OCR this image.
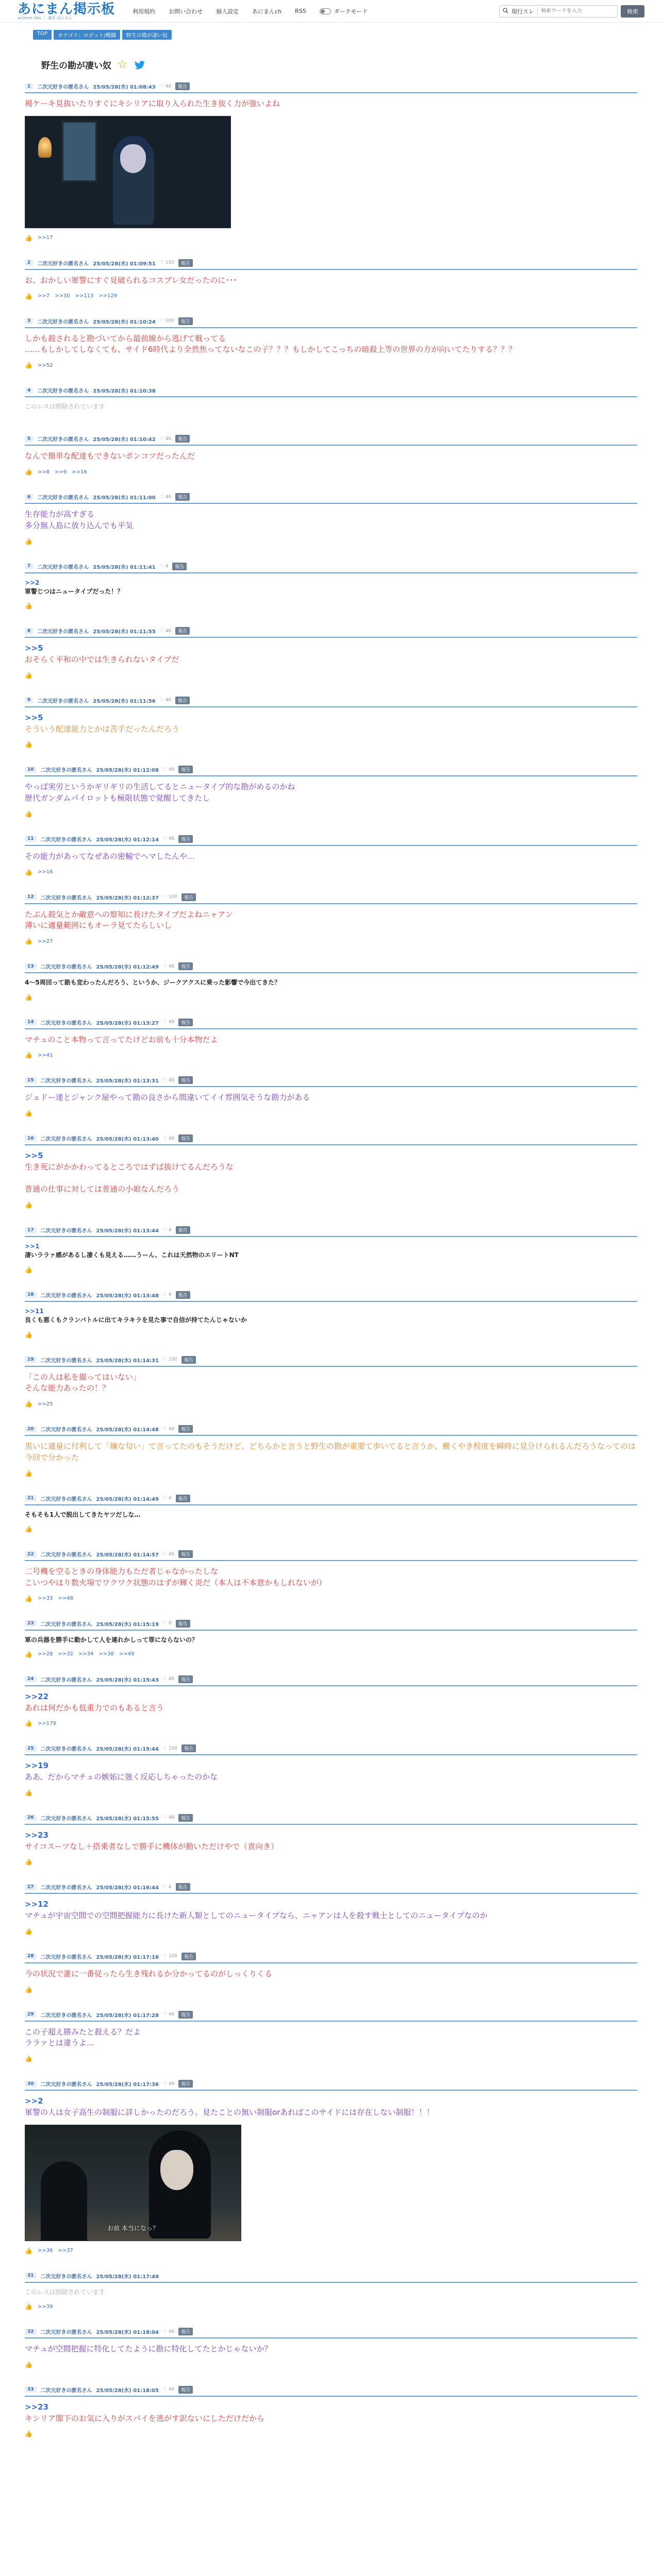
あにまん掲示板
animan bbs ｜ 運営:あにまん
利用規約 お問い合わせ 個人設定 あにまんch RSS	ダークモード	現行スレ
検索ワードを入力	検索
TOP	カテゴリ：ロボット/戦闘	野生の勘が凄い奴
野生の勘が凄い奴 ☆
1	二次元好きの匿名さん 25/05/28(水) 01:08:43 ♡ 46	報告
褐ケーキ見抜いたりすぐにキシリアに取り入られた生き抜く力が強いよね
👍 >>17
2	二次元好きの匿名さん 25/05/28(水) 01:09:51 ♡ 133	報告
お、おかしい軍警にすぐ見破られるコスプレ女だったのに･･･
👍 >>7 >>30 >>113 >>129
3	二次元好きの匿名さん 25/05/28(水) 01:10:24 ♡ 100	報告
しかも殺されると勘づいてから最前線から逃げて戦ってる
……もしかしてしなくても、サイド6時代より全然焦ってないなこの子？？？もしかしてこっちの暗殺上等の世界の方が向いてたりする？？？
👍 >>52
4	二次元好きの匿名さん 25/05/28(水) 01:10:38
このレスは削除されています
5	二次元好きの匿名さん 25/05/28(水) 01:10:42 ♡ 46	報告
なんで簡単な配達もできないポンコツだったんだ
👍 >>8 >>9 >>16
6	二次元好きの匿名さん 25/05/28(水) 01:11:00 ♡ 46	報告
生存能力が高すぎる
多分無人島に放り込んでも平気
👍
7	二次元好きの匿名さん 25/05/28(水) 01:11:41 ♡ 4	報告
>>2
軍警じつはニュータイプだった！？
👍
8	二次元好きの匿名さん 25/05/28(水) 01:11:55 ♡ 46	報告
>>5
おそらく平和の中では生きられないタイプだ
👍
9	二次元好きの匿名さん 25/05/28(水) 01:11:56 ♡ 46	報告
>>5
そういう配達能力とかは苦手だったんだろう
👍
10	二次元好きの匿名さん 25/05/28(水) 01:12:08 ♡ 46	報告
やっぱ実労というかギリギリの生活してるとニュータイプ的な勘がめるのかね
歴代ガンダムパイロットも極限状態で覚醒してきたし
👍
11	二次元好きの匿名さん 25/05/28(水) 01:12:14 ♡ 46	報告
その能力があってなぜあの密輸でヘマしたんや…
👍 >>16
12	二次元好きの匿名さん 25/05/28(水) 01:12:37 ♡ 100	報告
たぶん殺気とか敵意への察知に長けたタイプだよねニャアン
薄いに適量範囲にもオーラ見てたらしいし
👍 >>27
13	二次元好きの匿名さん 25/05/28(水) 01:12:49 ♡ 46	報告
4～5周回って勘も変わったんだろう、というか、ジークアクスに乗った影響で今出てきた？
👍
14	二次元好きの匿名さん 25/05/28(水) 01:13:27 ♡ 49	報告
マチュのこと本物って言ってたけどお前も十分本物だよ
👍 >>41
15	二次元好きの匿名さん 25/05/28(水) 01:13:31 ♡ 46	報告
ジュドー達とジャンク屋やって勘の良さから間違いてイイ雰囲気そうな勘力がある
👍
16	二次元好きの匿名さん 25/05/28(水) 01:13:40 ♡ 46	報告
>>5
生き死にがかかわってるところではずば抜けてるんだろうな

普通の仕事に対しては普通の小娘なんだろう
👍
17	二次元好きの匿名さん 25/05/28(水) 01:13:44 ♡ 4	報告
>>1
凄いララァ感があるし凄くも見える……うーん、これは天然物のエリートNT
👍
18	二次元好きの匿名さん 25/05/28(水) 01:13:48 ♡ 4	報告
>>11
良くも悪くもクランバトルに出てキラキラを見た事で自信が持てたんじゃないか
👍
19	二次元好きの匿名さん 25/05/28(水) 01:14:31 ♡ 100	報告
「この人は私を撮ってはいない」
そんな能力あったの！？
👍 >>25
20	二次元好きの匿名さん 25/05/28(水) 01:14:48 ♡ 46	報告
黒いに適量に付利して「嫌な匂い」て言ってたのもそうだけど、どちらかと言うと野生の勘が重要て歩いてると言うか、働くやき程度を瞬時に見分けられるんだろうなってのは今回で分かった
👍
21	二次元好きの匿名さん 25/05/28(水) 01:14:49 ♡ 4	報告
そもそも1人で脱出してきたヤツだしな…
👍
22	二次元好きの匿名さん 25/05/28(水) 01:14:57 ♡ 46	報告
二号機を空るときの身体能力もただ者じゃなかったしな
こいつやはり数火場でワクワク状態のはずが輝く炎だ（本人は不本意かもしれないが）
👍 >>33 >>48
23	二次元好きの匿名さん 25/05/28(水) 01:15:19 ♡ 8	報告
軍の兵器を勝手に動かして人を連れかしって罪にならないの？
👍 >>28 >>32 >>34 >>38 >>49
24	二次元好きの匿名さん 25/05/28(水) 01:15:43 ♡ 46	報告
>>22
あれは何だかも低重力でのもあると言う
👍 >>179
25	二次元好きの匿名さん 25/05/28(水) 01:15:44 ♡ 100	報告
>>19
ああ、だからマチュの嫉妬に強く反応しちゃったのかな
👍
26	二次元好きの匿名さん 25/05/28(水) 01:15:55 ♡ 46	報告
>>23
サイコスーツなし＋搭乗者なしで勝手に機体が動いただけやで（責向き）
👍
27	二次元好きの匿名さん 25/05/28(水) 01:16:44 ♡ 4	報告
>>12
マチュが宇宙空間での空間把握能力に長けた新人類としてのニュータイプなら、ニャアンは人を殺す戦士としてのニュータイプなのか
👍
28	二次元好きの匿名さん 25/05/28(水) 01:17:16 ♡ 100	報告
今の状況で誰に一番従ったら生き残れるか分かってるのがしっくりくる
👍
29	二次元好きの匿名さん 25/05/28(水) 01:17:28 ♡ 46	報告
この子超え勝みたと殺える？だよ
ララァとは違うよ…
👍
30	二次元好きの匿名さん 25/05/28(水) 01:17:36 ♡ 46	報告
>>2
軍警の人は女子高生の制服に詳しかったのだろう。見たことの無い制服orあればこのサイドには存在しない制服！！！
お前 本当になっ？
👍 >>36 >>37
31	二次元好きの匿名さん 25/05/28(水) 01:17:49
このレスは削除されています
👍 >>39
32	二次元好きの匿名さん 25/05/28(水) 01:18:04 ♡ 46	報告
マチュが空間把握に特化してたように勘に特化してたとかじゃないか？
👍
33	二次元好きの匿名さん 25/05/28(水) 01:18:05 ♡ 46	報告
>>23
キシリア閣下のお気に入りがスパイを逃がす訳ないにしただけだから
👍
